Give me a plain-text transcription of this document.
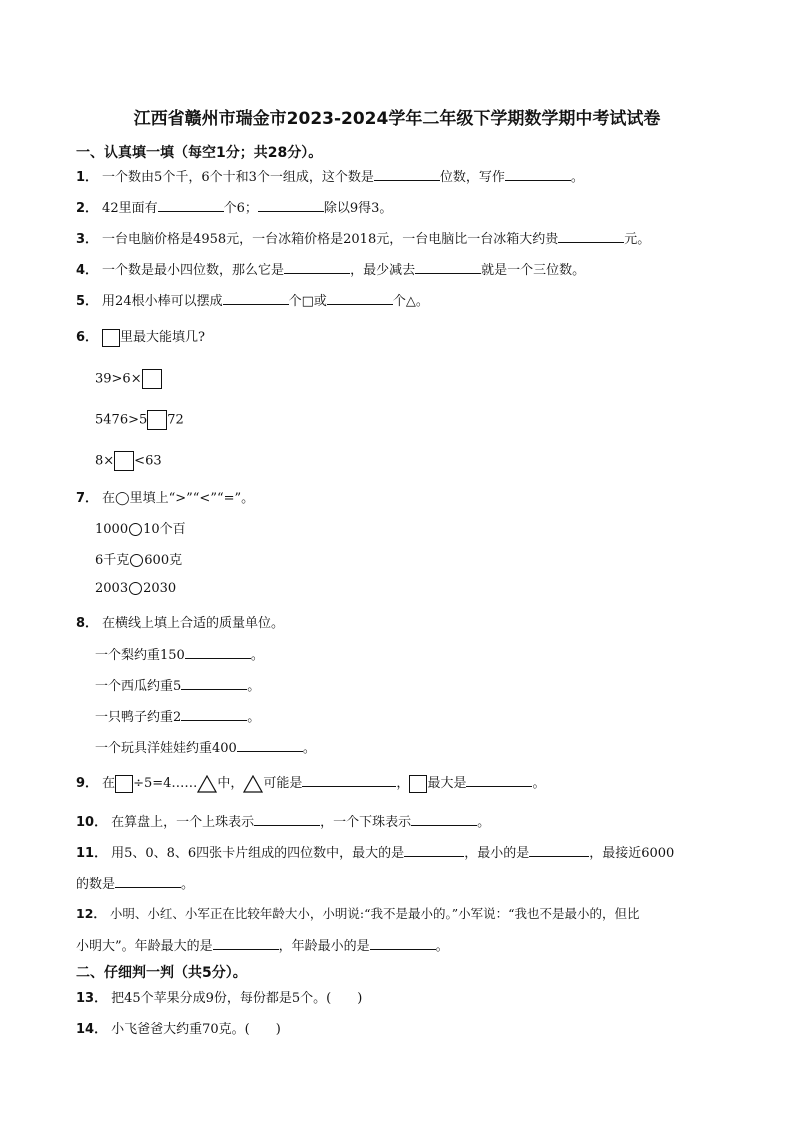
江西省赣州市瑞金市2023-2024学年二年级下学期数学期中考试试卷
一、认真填一填（每空1分；共28分）。
1． 一个数由5个千，6个十和3个一组成，这个数是	位数，写作	。
2． 42里面有	个6；	除以9得3。
3． 一台电脑价格是4958元，一台冰箱价格是2018元，一台电脑比一台冰箱大约贵	元。
4． 一个数是最小四位数，那么它是	，最少减去	就是一个三位数。
5． 用24根小棒可以摆成	个□或	个△。
6． 里最大能填几?
39>6×
5476>5 72
8× <63
7． 在◯里填上“>”“<”“=”。
1000 10个百
6千克 600克
2003 2030
8． 在横线上填上合适的质量单位。
一个梨约重150	。
一个西瓜约重5	。
一只鸭子约重2	。
一个玩具洋娃娃约重400	。
9． 在 ÷5=4…… 中， 可能是	， 最大是	。
10． 在算盘上，一个上珠表示	，一个下珠表示	。
11． 用5、0、8、6四张卡片组成的四位数中，最大的是	，最小的是	，最接近6000
的数是	。
12． 小明、小红、小军正在比较年龄大小，小明说:“我不是最小的。”小军说：“我也不是最小的，但比
小明大”。年龄最大的是	，年龄最小的是	。
二、仔细判一判（共5分）。
13． 把45个苹果分成9份，每份都是5个。(　　)
14． 小飞爸爸大约重70克。(　　)
